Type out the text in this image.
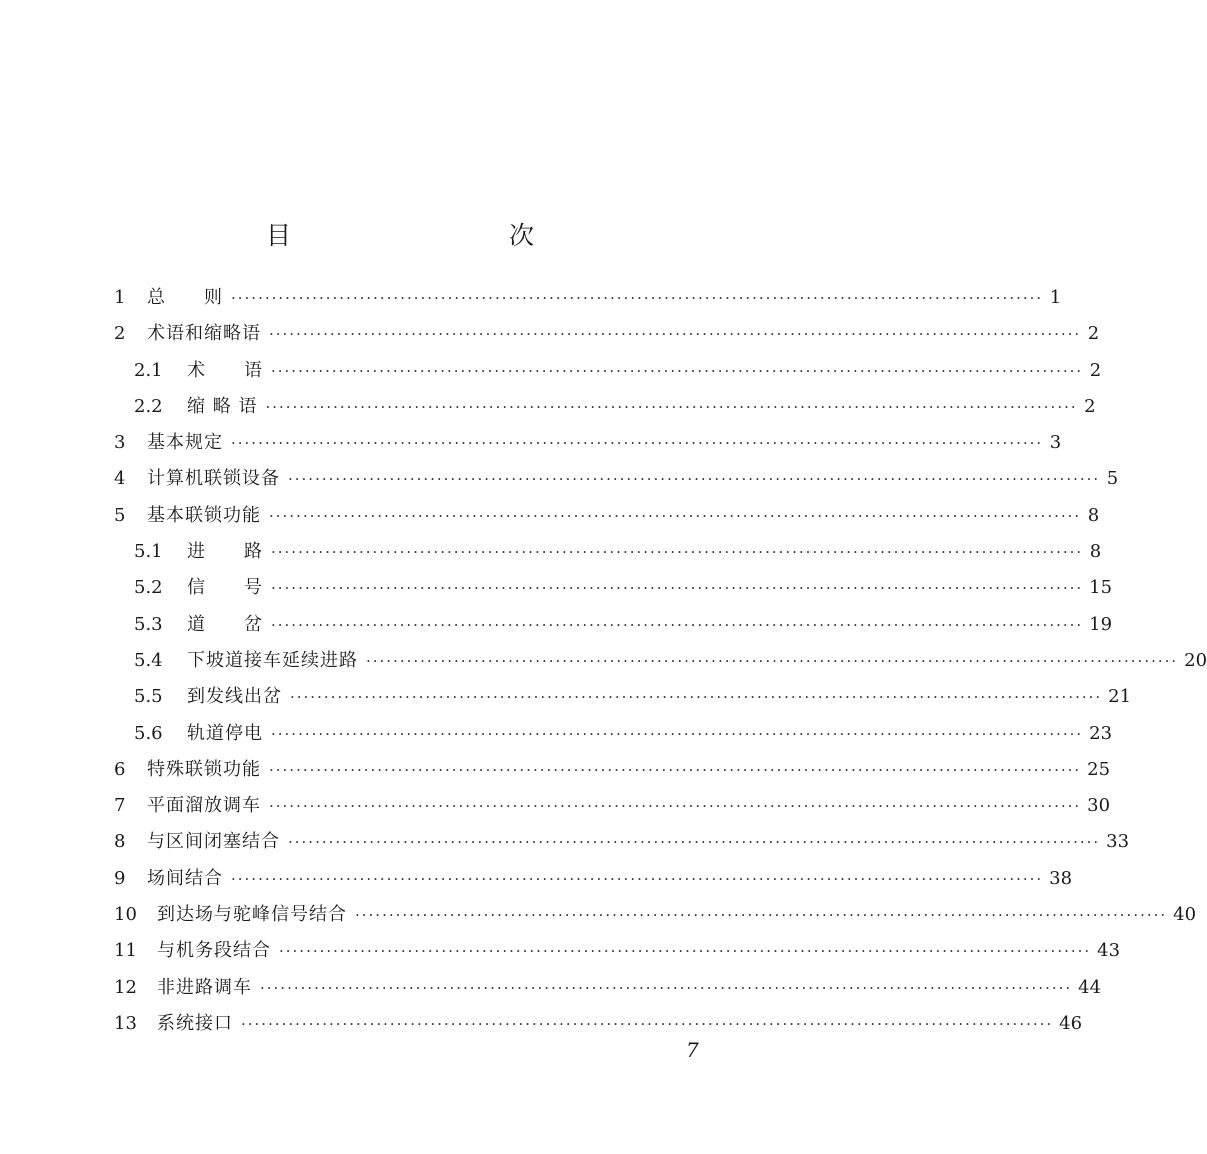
目　　次
1	总　　则 ························································································································ 1
2	术语和缩略语 ························································································································ 2
2.1	术　　语 ························································································································ 2
2.2	缩 略 语 ························································································································ 2
3	基本规定 ························································································································ 3
4	计算机联锁设备 ························································································································ 5
5	基本联锁功能 ························································································································ 8
5.1	进　　路 ························································································································ 8
5.2	信　　号 ························································································································ 15
5.3	道　　岔 ························································································································ 19
5.4	下坡道接车延续进路 ························································································································ 20
5.5	到发线出岔 ························································································································ 21
5.6	轨道停电 ························································································································ 23
6	特殊联锁功能 ························································································································ 25
7	平面溜放调车 ························································································································ 30
8	与区间闭塞结合 ························································································································ 33
9	场间结合 ························································································································ 38
10	到达场与驼峰信号结合 ························································································································ 40
11	与机务段结合 ························································································································ 43
12	非进路调车 ························································································································ 44
13	系统接口 ························································································································ 46
7
